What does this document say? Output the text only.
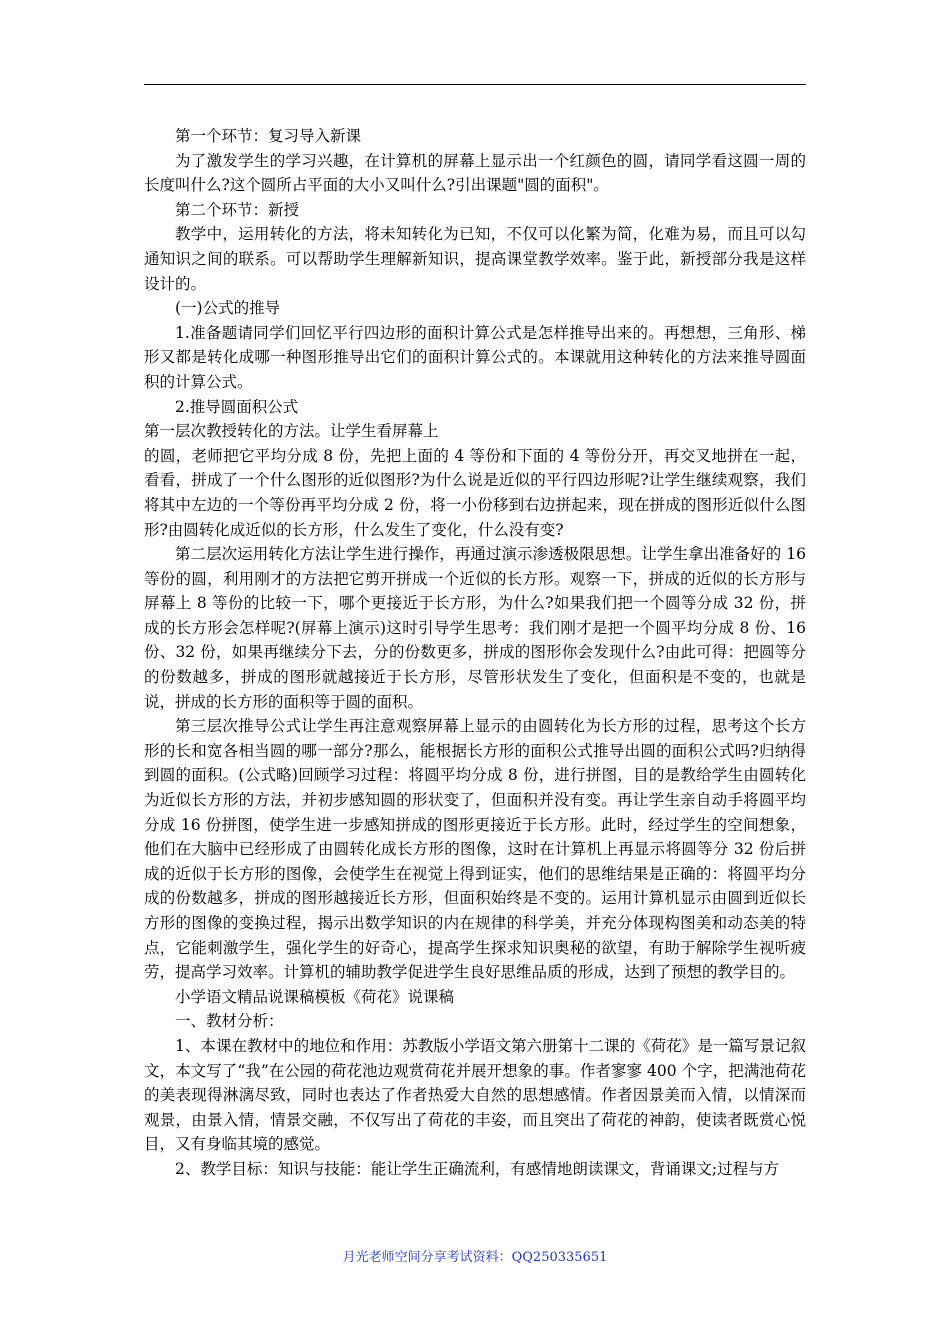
第一个环节：复习导入新课

为了激发学生的学习兴趣，在计算机的屏幕上显示出一个红颜色的圆，请同学看这圆一周的长度叫什么?这个圆所占平面的大小又叫什么?引出课题"圆的面积"。

第二个环节：新授

教学中，运用转化的方法，将未知转化为已知，不仅可以化繁为简，化难为易，而且可以勾通知识之间的联系。可以帮助学生理解新知识，提高课堂教学效率。鉴于此，新授部分我是这样设计的。

(一)公式的推导

1.准备题请同学们回忆平行四边形的面积计算公式是怎样推导出来的。再想想，三角形、梯形又都是转化成哪一种图形推导出它们的面积计算公式的。本课就用这种转化的方法来推导圆面积的计算公式。

2.推导圆面积公式

第一层次教授转化的方法。让学生看屏幕上

的圆，老师把它平均分成 8 份，先把上面的 4 等份和下面的 4 等份分开，再交叉地拼在一起，看看，拼成了一个什么图形的近似图形?为什么说是近似的平行四边形呢?让学生继续观察，我们将其中左边的一个等份再平均分成 2 份，将一小份移到右边拼起来，现在拼成的图形近似什么图形?由圆转化成近似的长方形，什么发生了变化，什么没有变?

第二层次运用转化方法让学生进行操作，再通过演示渗透极限思想。让学生拿出准备好的 16 等份的圆，利用刚才的方法把它剪开拼成一个近似的长方形。观察一下，拼成的近似的长方形与屏幕上 8 等份的比较一下，哪个更接近于长方形，为什么?如果我们把一个圆等分成 32 份，拼成的长方形会怎样呢?(屏幕上演示)这时引导学生思考：我们刚才是把一个圆平均分成 8 份、16 份、32 份，如果再继续分下去，分的份数更多，拼成的图形你会发现什么?由此可得：把圆等分的份数越多，拼成的图形就越接近于长方形，尽管形状发生了变化，但面积是不变的，也就是说，拼成的长方形的面积等于圆的面积。

第三层次推导公式让学生再注意观察屏幕上显示的由圆转化为长方形的过程，思考这个长方形的长和宽各相当圆的哪一部分?那么，能根据长方形的面积公式推导出圆的面积公式吗?归纳得到圆的面积。(公式略)回顾学习过程：将圆平均分成 8 份，进行拼图，目的是教给学生由圆转化为近似长方形的方法，并初步感知圆的形状变了，但面积并没有变。再让学生亲自动手将圆平均分成 16 份拼图，使学生进一步感知拼成的图形更接近于长方形。此时，经过学生的空间想象，他们在大脑中已经形成了由圆转化成长方形的图像，这时在计算机上再显示将圆等分 32 份后拼成的近似于长方形的图像，会使学生在视觉上得到证实，他们的思维结果是正确的：将圆平均分成的份数越多，拼成的图形越接近长方形，但面积始终是不变的。运用计算机显示由圆到近似长方形的图像的变换过程，揭示出数学知识的内在规律的科学美，并充分体现构图美和动态美的特点，它能刺激学生，强化学生的好奇心，提高学生探求知识奥秘的欲望，有助于解除学生视听疲劳，提高学习效率。计算机的辅助教学促进学生良好思维品质的形成，达到了预想的教学目的。

小学语文精品说课稿模板《荷花》说课稿

一、教材分析：

1、本课在教材中的地位和作用：苏教版小学语文第六册第十二课的《荷花》是一篇写景记叙文，本文写了“我”在公园的荷花池边观赏荷花并展开想象的事。作者寥寥 400 个字，把满池荷花的美表现得淋漓尽致，同时也表达了作者热爱大自然的思想感情。作者因景美而入情，以情深而观景，由景入情，情景交融，不仅写出了荷花的丰姿，而且突出了荷花的神韵，使读者既赏心悦目，又有身临其境的感觉。

2、教学目标：知识与技能：能让学生正确流利，有感情地朗读课文，背诵课文;过程与方

月光老师空间分享考试资料：QQ250335651
